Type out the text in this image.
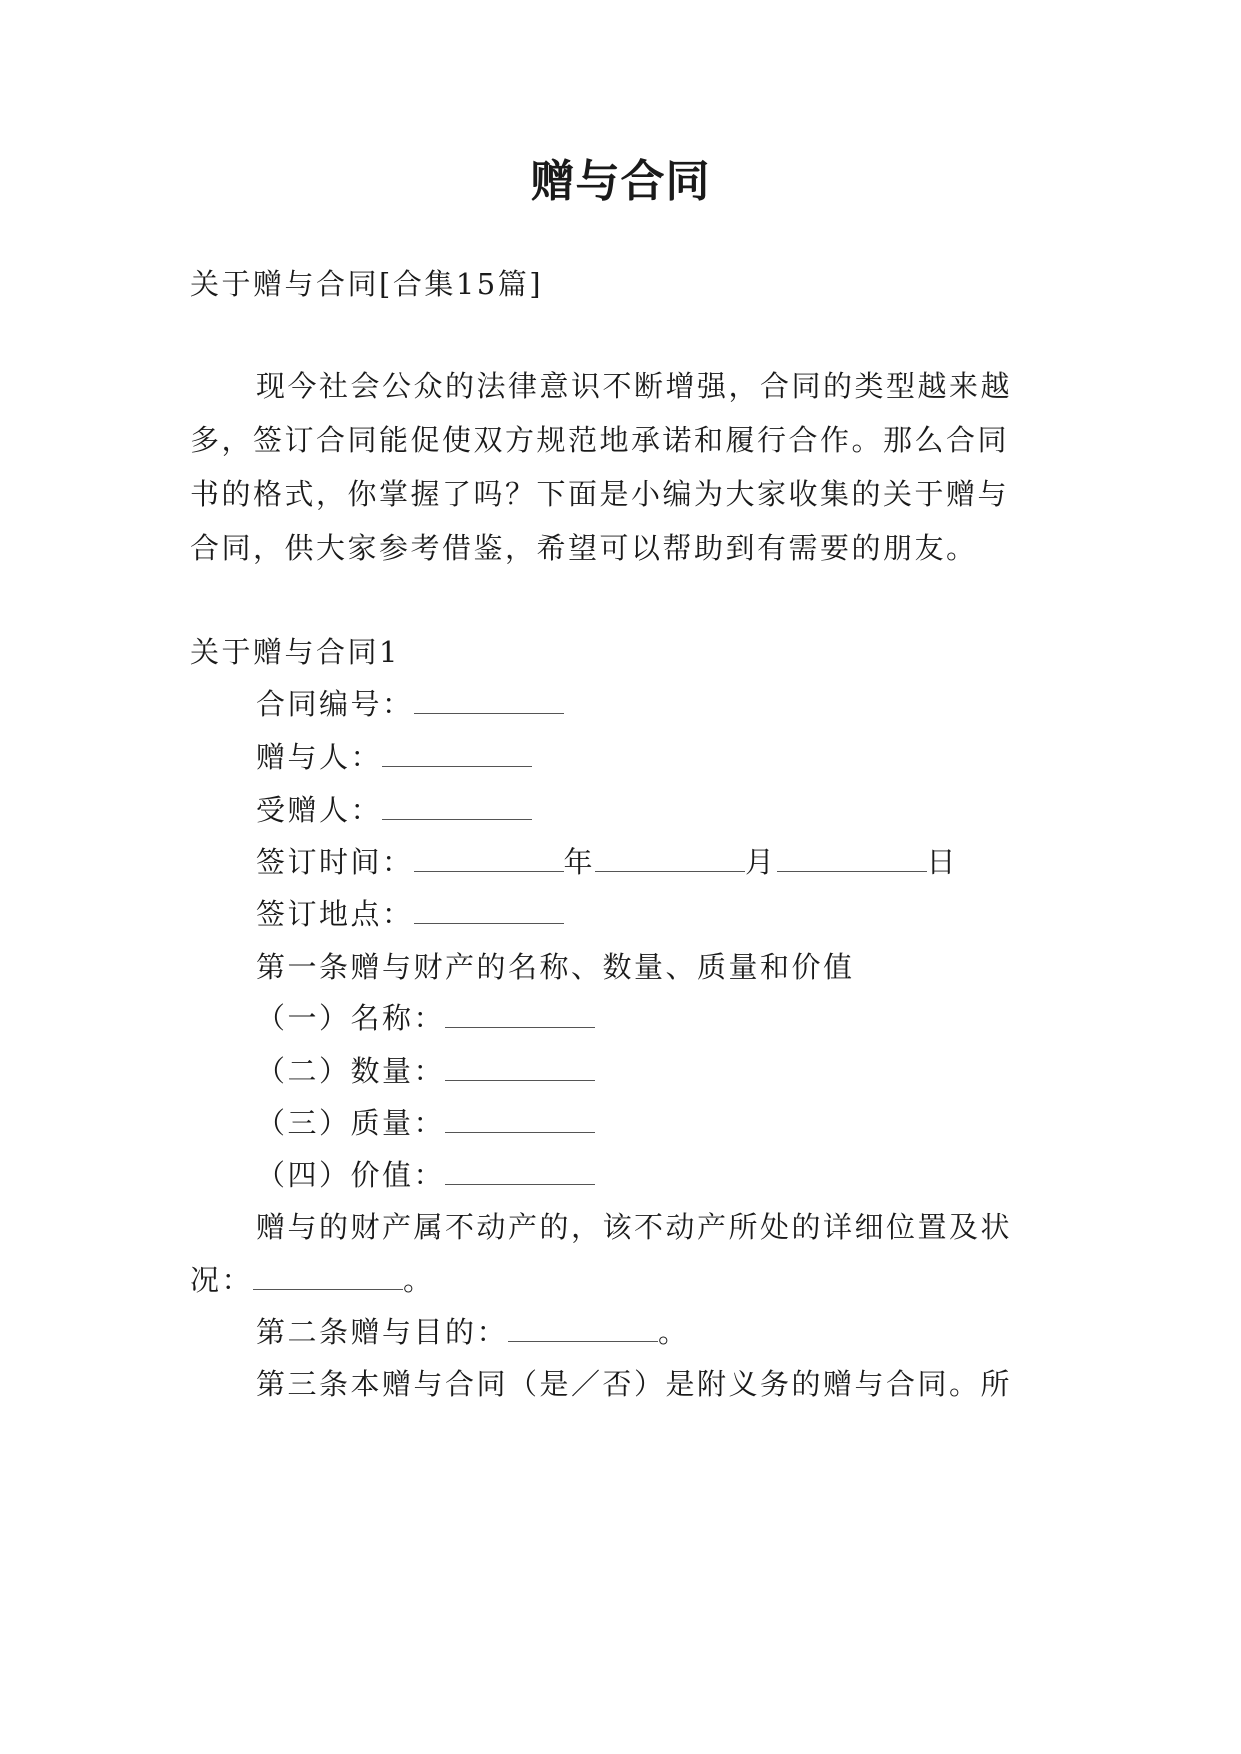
赠与合同
关于赠与合同[合集15篇]
现今社会公众的法律意识不断增强，合同的类型越来越
多，签订合同能促使双方规范地承诺和履行合作。那么合同
书的格式，你掌握了吗？下面是小编为大家收集的关于赠与
合同，供大家参考借鉴，希望可以帮助到有需要的朋友。
关于赠与合同1
合同编号：
赠与人：
受赠人：
签订时间：	年	月	日
签订地点：
第一条赠与财产的名称、数量、质量和价值
（一）名称：
（二）数量：
（三）质量：
（四）价值：
赠与的财产属不动产的，该不动产所处的详细位置及状
况：	。
第二条赠与目的：	。
第三条本赠与合同（是／否）是附义务的赠与合同。所
